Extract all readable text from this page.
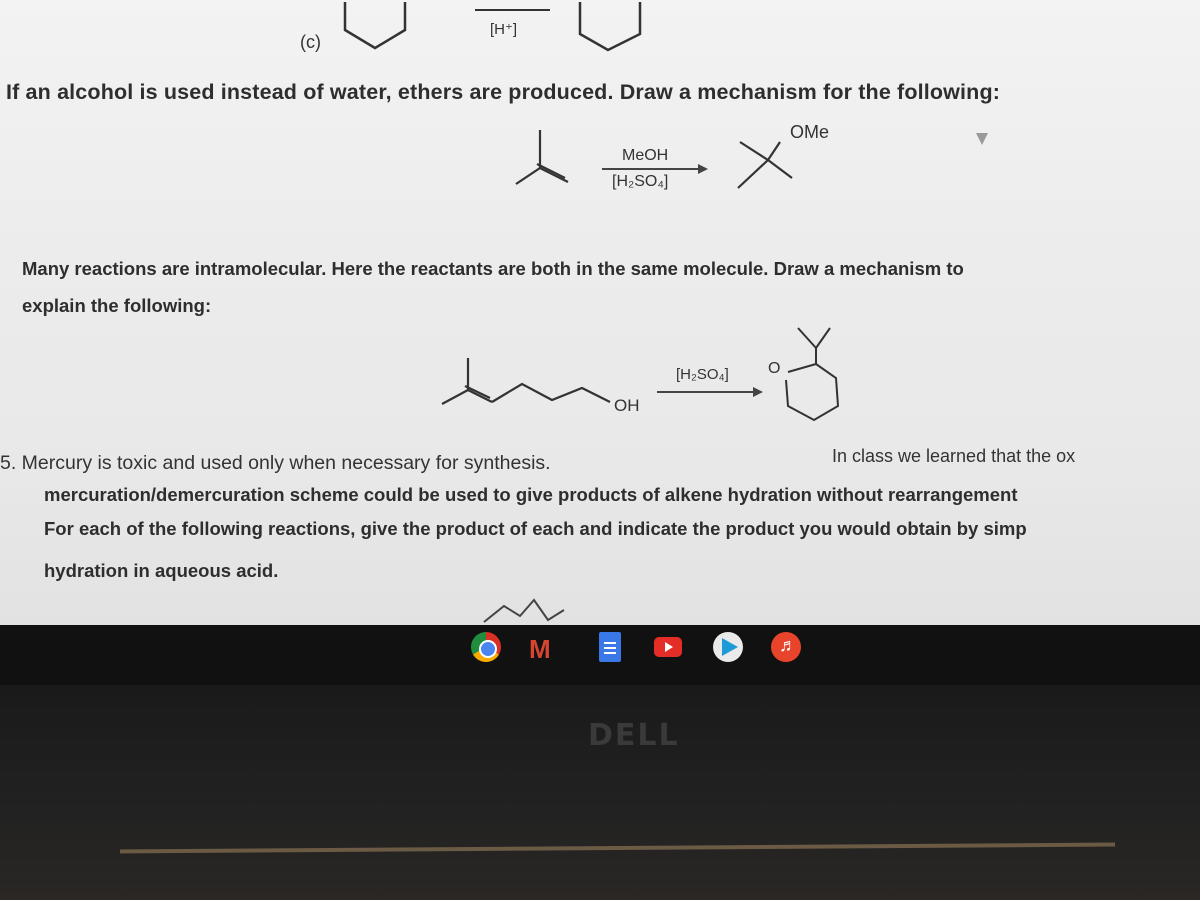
(c)
[H⁺]
If an alcohol is used instead of water, ethers are produced. Draw a mechanism for the following:
MeOH
[H₂SO₄]
OMe
Many reactions are intramolecular. Here the reactants are both in the same molecule. Draw a mechanism to
explain the following:
OH
[H₂SO₄] O
5. Mercury is toxic and used only when necessary for synthesis.	In class we learned that the ox
mercuration/demercuration scheme could be used to give products of alkene hydration without rearrangement
For each of the following reactions, give the product of each and indicate the product you would obtain by simp
hydration in aqueous acid.
M	♬
DELL
